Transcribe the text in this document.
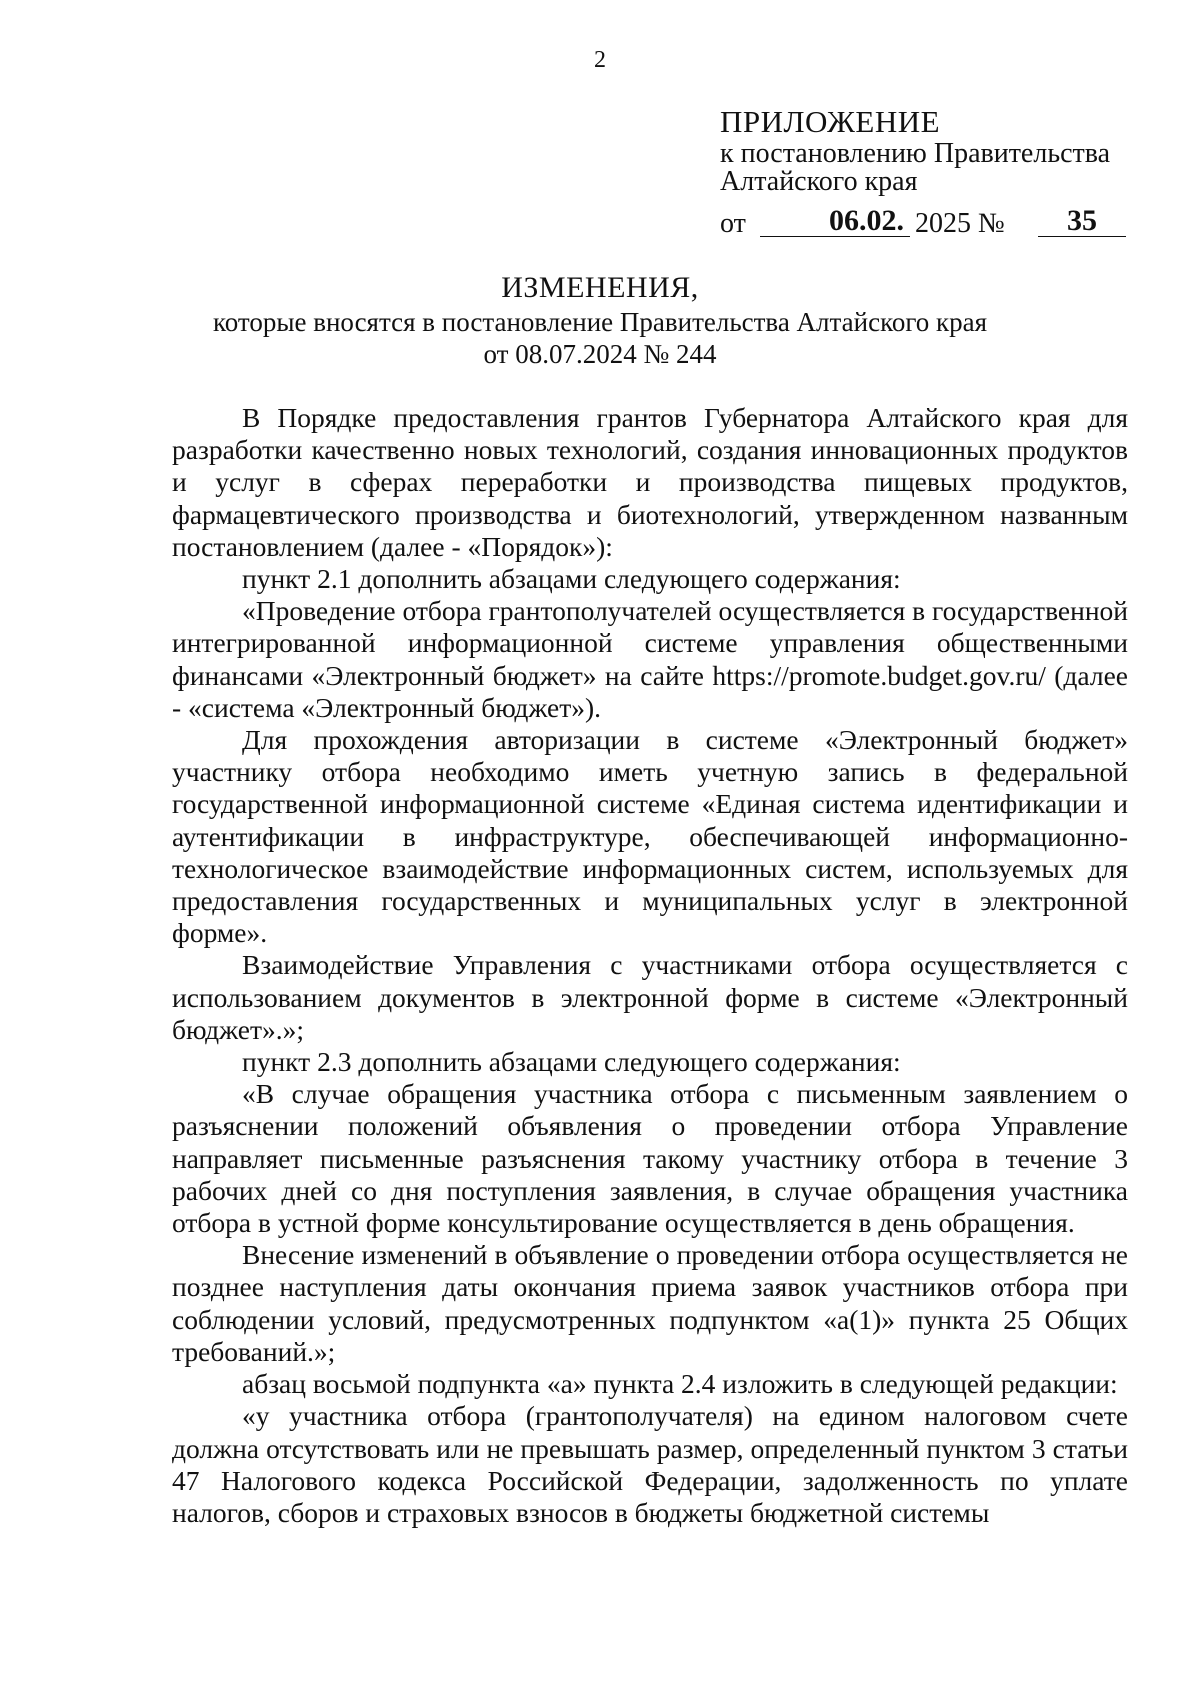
2
ПРИЛОЖЕНИЕ
к постановлению Правительства
Алтайского края
от	06.02. 2025 №	35
ИЗМЕНЕНИЯ,
которые вносятся в постановление Правительства Алтайского края
от 08.07.2024 № 244

В Порядке предоставления грантов Губернатора Алтайского края для разработки качественно новых технологий, создания инновационных продуктов и услуг в сферах переработки и производства пищевых продуктов, фармацевтического производства и биотехнологий, утвержденном названным постановлением (далее - «Порядок»):

пункт 2.1 дополнить абзацами следующего содержания:

«Проведение отбора грантополучателей осуществляется в государственной интегрированной информационной системе управления общественными финансами «Электронный бюджет» на сайте https://promote.budget.gov.ru/ (далее - «система «Электронный бюджет»).

Для прохождения авторизации в системе «Электронный бюджет» участнику отбора необходимо иметь учетную запись в федеральной государственной информационной системе «Единая система идентификации и аутентификации в инфраструктуре, обеспечивающей информационно-технологическое взаимодействие информационных систем, используемых для предоставления государственных и муниципальных услуг в электронной форме».

Взаимодействие Управления с участниками отбора осуществляется с использованием документов в электронной форме в системе «Электронный бюджет».»;

пункт 2.3 дополнить абзацами следующего содержания:

«В случае обращения участника отбора с письменным заявлением о разъяснении положений объявления о проведении отбора Управление направляет письменные разъяснения такому участнику отбора в течение 3 рабочих дней со дня поступления заявления, в случае обращения участника отбора в устной форме консультирование осуществляется в день обращения.

Внесение изменений в объявление о проведении отбора осуществляется не позднее наступления даты окончания приема заявок участников отбора при соблюдении условий, предусмотренных подпунктом «а(1)» пункта 25 Общих требований.»;

абзац восьмой подпункта «а» пункта 2.4 изложить в следующей редакции:

«у участника отбора (грантополучателя) на едином налоговом счете должна отсутствовать или не превышать размер, определенный пунктом 3 статьи 47 Налогового кодекса Российской Федерации, задолженность по уплате налогов, сборов и страховых взносов в бюджеты бюджетной системы
